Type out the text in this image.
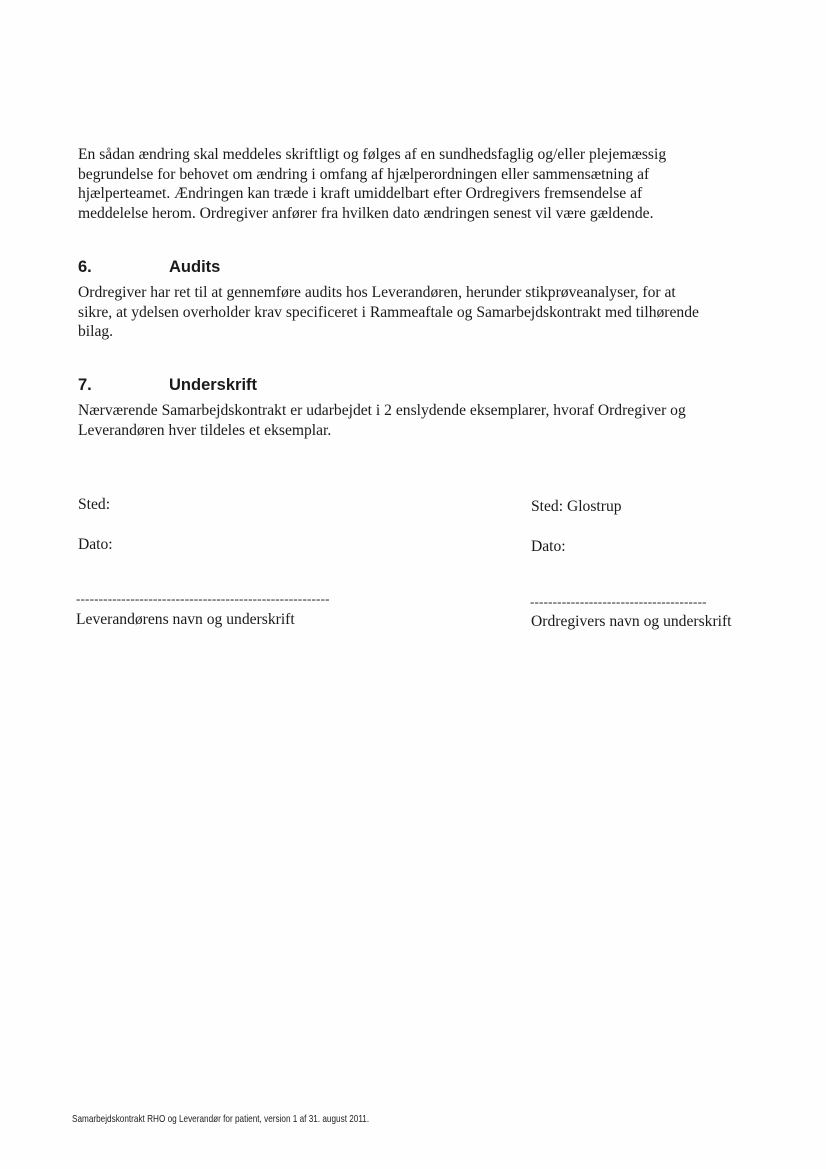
En sådan ændring skal meddeles skriftligt og følges af en sundhedsfaglig og/eller plejemæssig
begrundelse for behovet om ændring i omfang af hjælperordningen eller sammensætning af
hjælperteamet. Ændringen kan træde i kraft umiddelbart efter Ordregivers fremsendelse af
meddelelse herom. Ordregiver anfører fra hvilken dato ændringen senest vil være gældende.

6.	Audits

Ordregiver har ret til at gennemføre audits hos Leverandøren, herunder stikprøveanalyser, for at
sikre, at ydelsen overholder krav specificeret i Rammeaftale og Samarbejdskontrakt med tilhørende
bilag.

7.	Underskrift

Nærværende Samarbejdskontrakt er udarbejdet i 2 enslydende eksemplarer, hvoraf Ordregiver og
Leverandøren hver tildeles et eksemplar.

Sted:
Dato:
--------------------------------------------------------
Leverandørens navn og underskrift
Sted: Glostrup
Dato:
---------------------------------------
Ordregivers navn og underskrift
Samarbejdskontrakt RHO og Leverandør for patient, version 1 af 31. august 2011.
